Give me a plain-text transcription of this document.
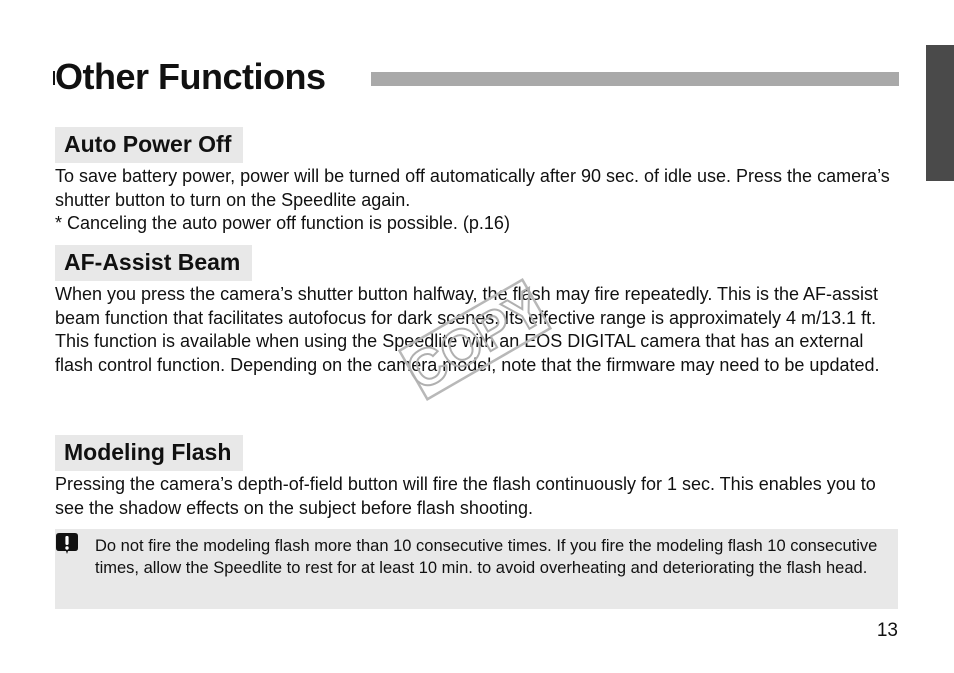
Other Functions
Auto Power Off

To save battery power, power will be turned off automatically after 90 sec. of idle use. Press the camera’s shutter button to turn on the Speedlite again.

* Canceling the auto power off function is possible. (p.16)

AF-Assist Beam

When you press the camera’s shutter button halfway, the flash may fire repeatedly. This is the AF-assist beam function that facilitates autofocus for dark scenes. Its effective range is approximately 4 m/13.1 ft.

This function is available when using the Speedlite with an EOS DIGITAL camera that has an external flash control function. Depending on the camera model, note that the firmware may need to be updated.

Modeling Flash

Pressing the camera’s depth-of-field button will fire the flash continuously for 1 sec. This enables you to see the shadow effects on the subject before flash shooting.

Do not fire the modeling flash more than 10 consecutive times. If you fire the modeling flash 10 consecutive times, allow the Speedlite to rest for at least 10 min. to avoid overheating and deteriorating the flash head.
13
COPY
